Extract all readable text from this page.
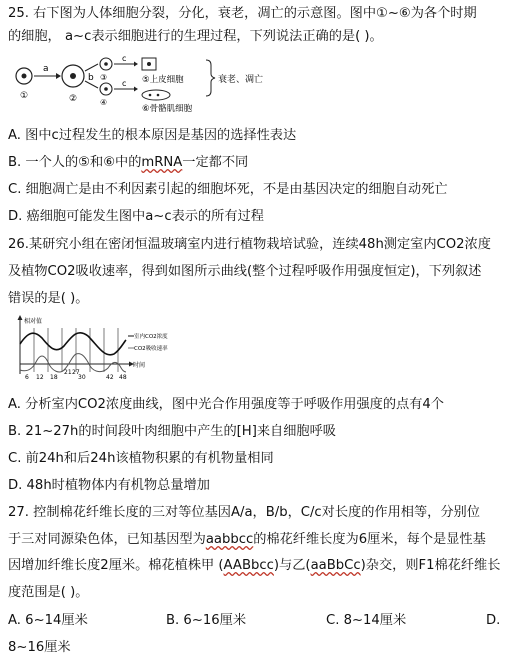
25. 右下图为人体细胞分裂，分化，衰老，凋亡的示意图。图中①~⑥为各个时期
的细胞， a~c表示细胞进行的生理过程，下列说法正确的是( )。
①
a
②
b ③
④
c
c ⑤上皮细胞
⑥骨骼肌细胞
衰老、凋亡
A. 图中c过程发生的根本原因是基因的选择性表达
B. 一个人的⑤和⑥中的mRNA一定都不同
C. 细胞凋亡是由不利因素引起的细胞坏死，不是由基因决定的细胞自动死亡
D. 癌细胞可能发生图中a~c表示的所有过程
26.某研究小组在密闭恒温玻璃室内进行植物栽培试验，连续48h测定室内CO2浓度
及植物CO2吸收速率，得到如图所示曲线(整个过程呼吸作用强度恒定)，下列叙述
错误的是( )。
相对值
室内CO2浓度
CO2吸收速率
6 12 18
21 27
30	42 48
时间
A. 分析室内CO2浓度曲线，图中光合作用强度等于呼吸作用强度的点有4个
B. 21~27h的时间段叶肉细胞中产生的[H]来自细胞呼吸
C. 前24h和后24h该植物积累的有机物量相同
D. 48h时植物体内有机物总量增加
27. 控制棉花纤维长度的三对等位基因A/a，B/b，C/c对长度的作用相等，分别位
于三对同源染色体，已知基因型为aabbcc的棉花纤维长度为6厘米，每个是显性基
因增加纤维长度2厘米。棉花植株甲 (AABbcc)与乙(aaBbCc)杂交，则F1棉花纤维长
度范围是( )。
A. 6~14厘米	B. 6~16厘米	C. 8~14厘米	D.
8~16厘米
